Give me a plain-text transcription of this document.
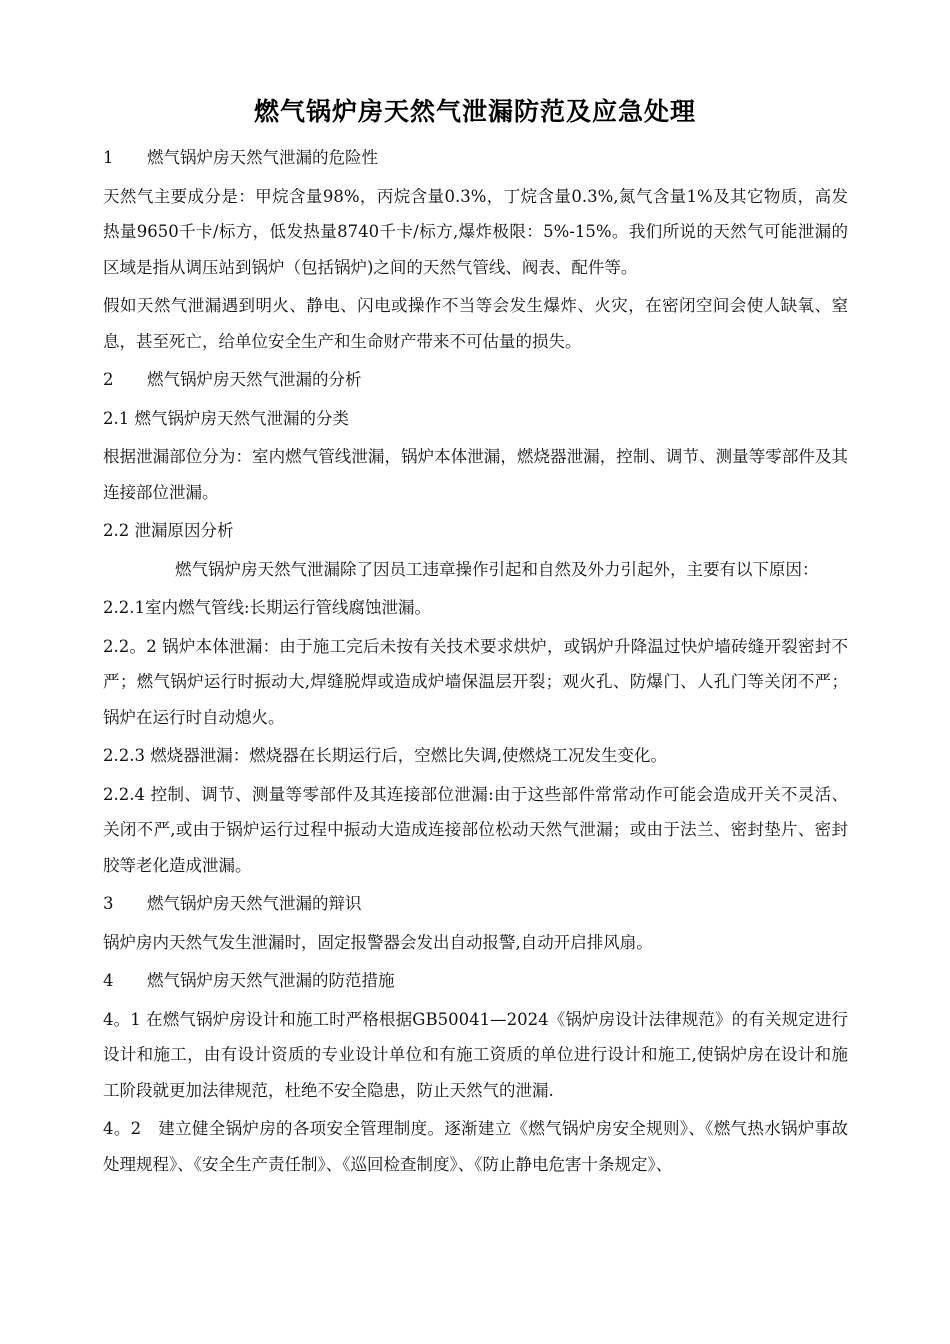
燃气锅炉房天然气泄漏防范及应急处理
1 燃气锅炉房天然气泄漏的危险性

天然气主要成分是：甲烷含量98%，丙烷含量0.3%，丁烷含量0.3%,氮气含量1%及其它物质，高发热量9650千卡/标方，低发热量8740千卡/标方,爆炸极限：5%-15%。我们所说的天然气可能泄漏的区域是指从调压站到锅炉（包括锅炉)之间的天然气管线、阀表、配件等。

假如天然气泄漏遇到明火、静电、闪电或操作不当等会发生爆炸、火灾，在密闭空间会使人缺氧、窒息，甚至死亡，给单位安全生产和生命财产带来不可估量的损失。

2 燃气锅炉房天然气泄漏的分析
2.1 燃气锅炉房天然气泄漏的分类

根据泄漏部位分为：室内燃气管线泄漏，锅炉本体泄漏，燃烧器泄漏，控制、调节、测量等零部件及其连接部位泄漏。

2.2 泄漏原因分析

燃气锅炉房天然气泄漏除了因员工违章操作引起和自然及外力引起外，主要有以下原因：

2.2.1室内燃气管线:长期运行管线腐蚀泄漏。

2.2。2 锅炉本体泄漏：由于施工完后未按有关技术要求烘炉，或锅炉升降温过快炉墙砖缝开裂密封不严；燃气锅炉运行时振动大,焊缝脱焊或造成炉墙保温层开裂；观火孔、防爆门、人孔门等关闭不严；锅炉在运行时自动熄火。

2.2.3 燃烧器泄漏：燃烧器在长期运行后，空燃比失调,使燃烧工况发生变化。

2.2.4 控制、调节、测量等零部件及其连接部位泄漏:由于这些部件常常动作可能会造成开关不灵活、关闭不严,或由于锅炉运行过程中振动大造成连接部位松动天然气泄漏；或由于法兰、密封垫片、密封胶等老化造成泄漏。

3 燃气锅炉房天然气泄漏的辩识

锅炉房内天然气发生泄漏时，固定报警器会发出自动报警,自动开启排风扇。

4 燃气锅炉房天然气泄漏的防范措施

4。1 在燃气锅炉房设计和施工时严格根据GB50041—2024《锅炉房设计法律规范》的有关规定进行设计和施工，由有设计资质的专业设计单位和有施工资质的单位进行设计和施工,使锅炉房在设计和施工阶段就更加法律规范，杜绝不安全隐患，防止天然气的泄漏.

4。2　建立健全锅炉房的各项安全管理制度。逐渐建立《燃气锅炉房安全规则》、《燃气热水锅炉事故处理规程》、《安全生产责任制》、《巡回检查制度》、《防止静电危害十条规定》、
